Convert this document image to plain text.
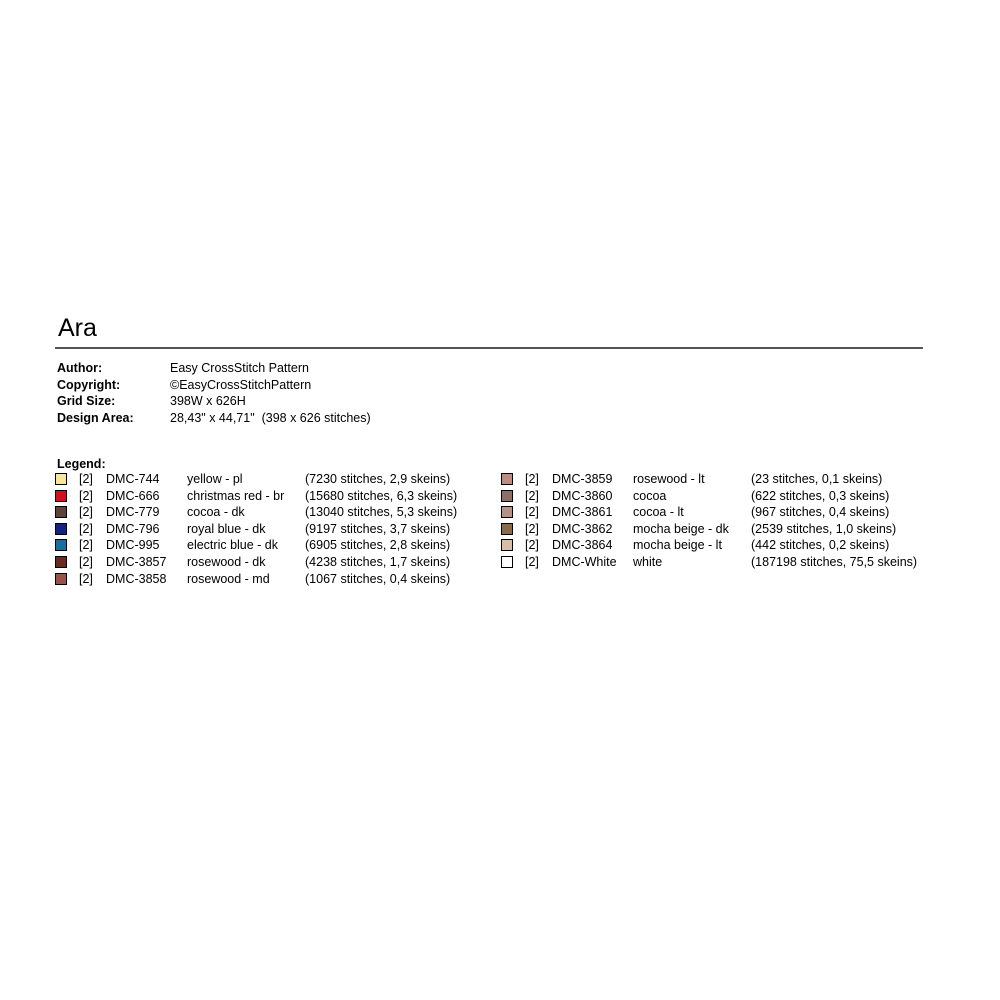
Ara
Author:	Easy CrossStitch Pattern
Copyright:	©EasyCrossStitchPattern
Grid Size:	398W x 626H
Design Area:	28,43" x 44,71"  (398 x 626 stitches)
Legend:
[2] DMC-744 yellow - pl	(7230 stitches, 2,9 skeins)
[2] DMC-666 christmas red - br (15680 stitches, 6,3 skeins)
[2] DMC-779 cocoa - dk	(13040 stitches, 5,3 skeins)
[2] DMC-796 royal blue - dk	(9197 stitches, 3,7 skeins)
[2] DMC-995 electric blue - dk (6905 stitches, 2,8 skeins)
[2] DMC-3857 rosewood - dk	(4238 stitches, 1,7 skeins)
[2] DMC-3858 rosewood - md	(1067 stitches, 0,4 skeins)
[2] DMC-3859 rosewood - lt	(23 stitches, 0,1 skeins)
[2] DMC-3860 cocoa	(622 stitches, 0,3 skeins)
[2] DMC-3861 cocoa - lt	(967 stitches, 0,4 skeins)
[2] DMC-3862 mocha beige - dk (2539 stitches, 1,0 skeins)
[2] DMC-3864 mocha beige - lt (442 stitches, 0,2 skeins)
[2] DMC-White white	(187198 stitches, 75,5 skeins)
